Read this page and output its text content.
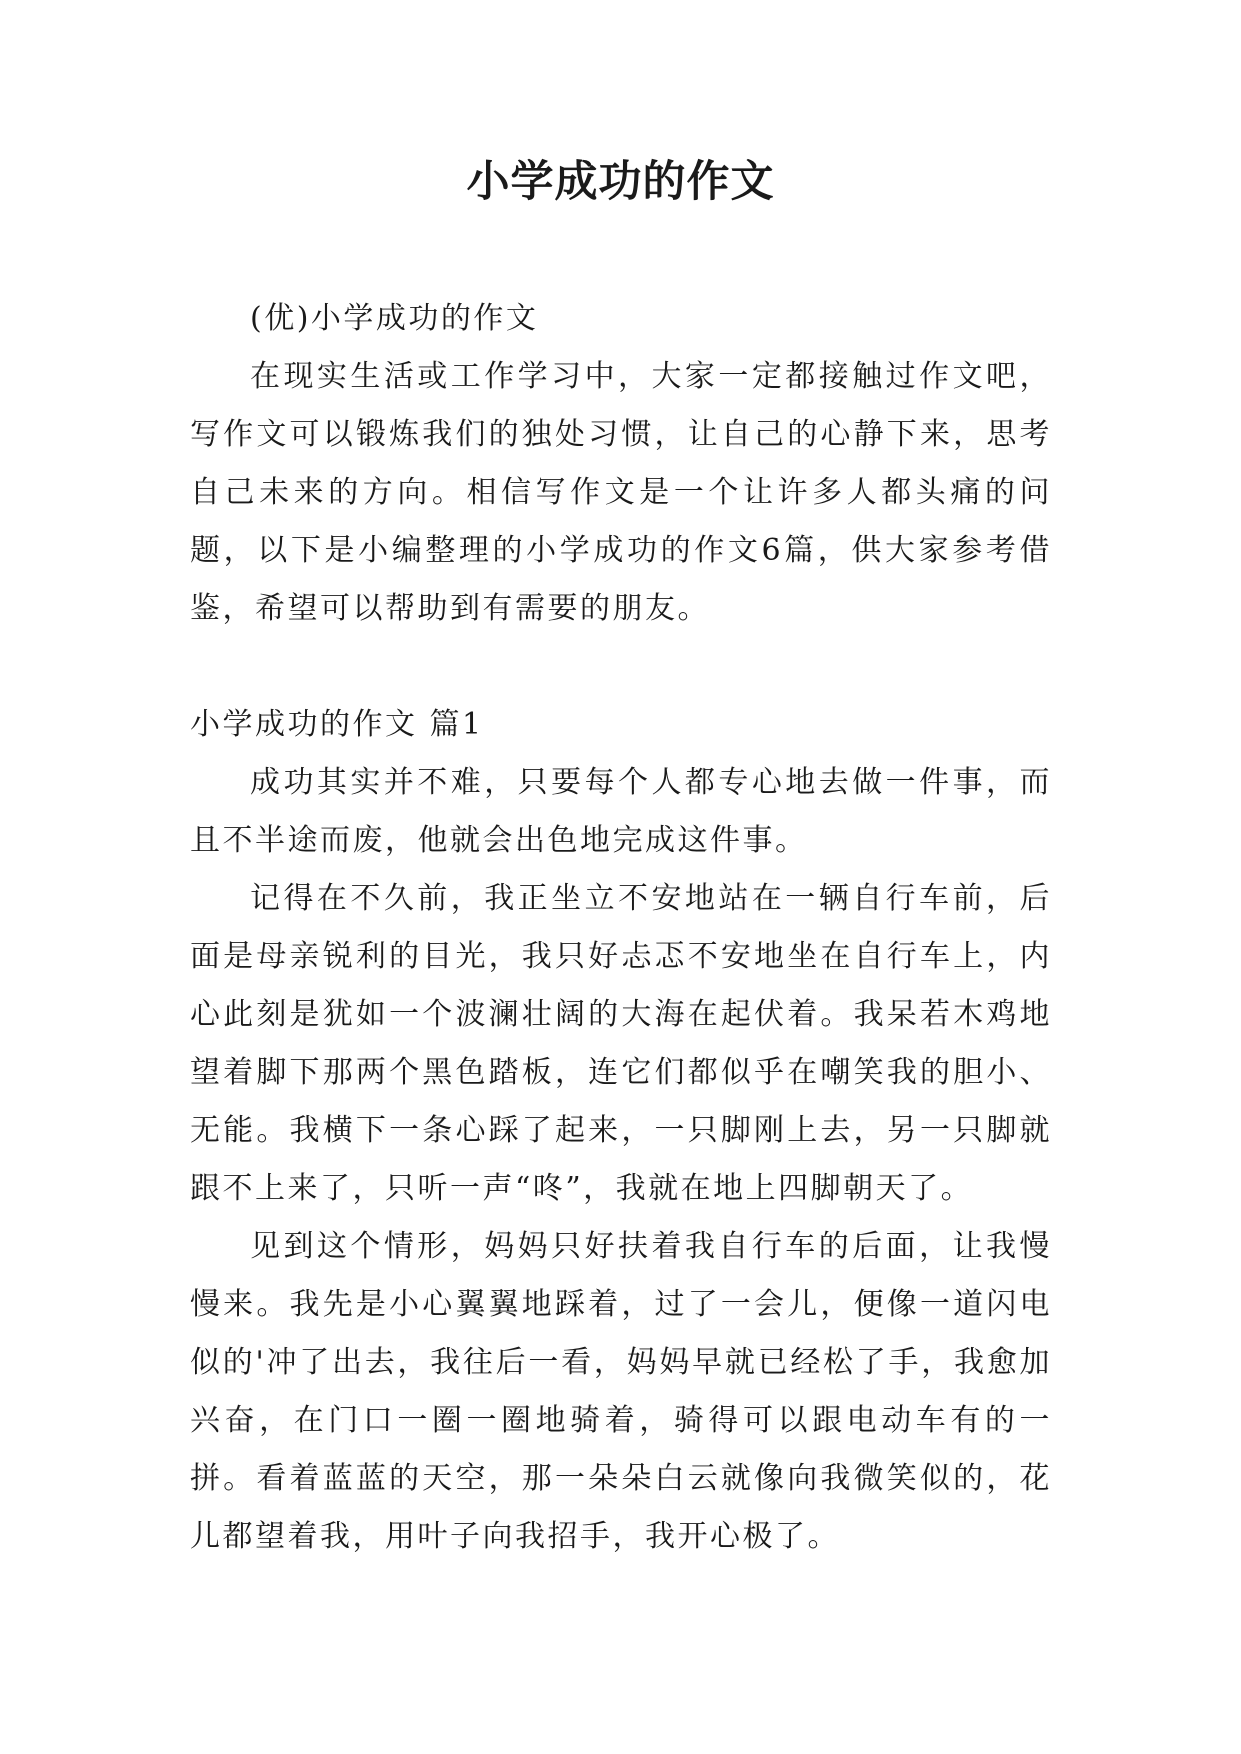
小学成功的作文

(优)小学成功的作文

在现实生活或工作学习中，大家一定都接触过作文吧，写作文可以锻炼我们的独处习惯，让自己的心静下来，思考自己未来的方向。相信写作文是一个让许多人都头痛的问题，以下是小编整理的小学成功的作文6篇，供大家参考借鉴，希望可以帮助到有需要的朋友。

小学成功的作文 篇1

成功其实并不难，只要每个人都专心地去做一件事，而且不半途而废，他就会出色地完成这件事。

记得在不久前，我正坐立不安地站在一辆自行车前，后面是母亲锐利的目光，我只好忐忑不安地坐在自行车上，内心此刻是犹如一个波澜壮阔的大海在起伏着。我呆若木鸡地望着脚下那两个黑色踏板，连它们都似乎在嘲笑我的胆小、无能。我横下一条心踩了起来，一只脚刚上去，另一只脚就跟不上来了，只听一声“咚”，我就在地上四脚朝天了。

见到这个情形，妈妈只好扶着我自行车的后面，让我慢慢来。我先是小心翼翼地踩着，过了一会儿，便像一道闪电似的'冲了出去，我往后一看，妈妈早就已经松了手，我愈加兴奋，在门口一圈一圈地骑着，骑得可以跟电动车有的一拼。看着蓝蓝的天空，那一朵朵白云就像向我微笑似的，花儿都望着我，用叶子向我招手，我开心极了。
